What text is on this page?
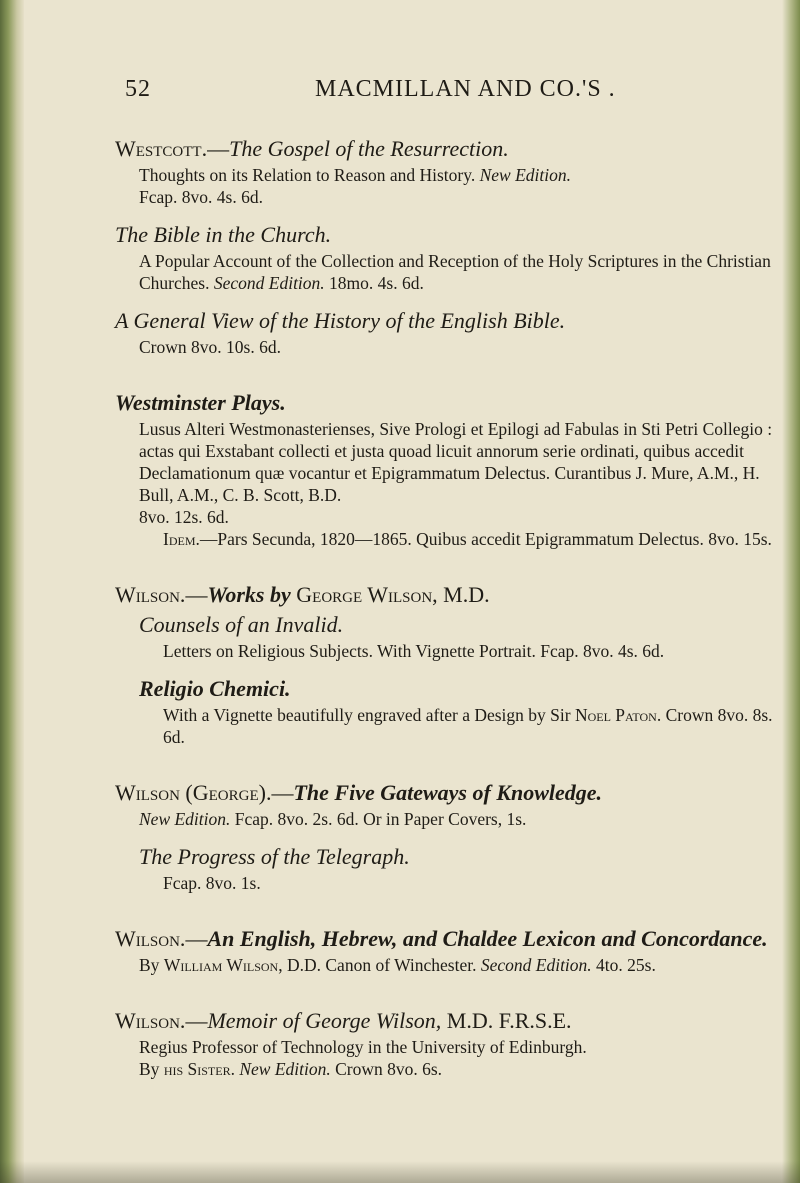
52	MACMILLAN AND CO.'S .
Westcott.—The Gospel of the Resurrection.

Thoughts on its Relation to Reason and History. New Edition.

Fcap. 8vo. 4s. 6d.

The Bible in the Church.

A Popular Account of the Collection and Reception of the Holy Scriptures in the Christian Churches. Second Edition. 18mo. 4s. 6d.

A General View of the History of the English Bible.

Crown 8vo. 10s. 6d.

Westminster Plays.

Lusus Alteri Westmonasterienses, Sive Prologi et Epilogi ad Fabulas in Sti Petri Collegio : actas qui Exstabant collecti et justa quoad licuit annorum serie ordinati, quibus accedit Declamationum quæ vocantur et Epigrammatum Delectus. Curantibus J. Mure, A.M., H. Bull, A.M., C. B. Scott, B.D.

8vo. 12s. 6d.

Idem.—Pars Secunda, 1820—1865. Quibus accedit Epigrammatum Delectus. 8vo. 15s.

Wilson.—Works by George Wilson, M.D.
Counsels of an Invalid.

Letters on Religious Subjects. With Vignette Portrait. Fcap. 8vo. 4s. 6d.

Religio Chemici.

With a Vignette beautifully engraved after a Design by Sir Noel Paton. Crown 8vo. 8s. 6d.

Wilson (George).—The Five Gateways of Knowledge.

New Edition. Fcap. 8vo. 2s. 6d. Or in Paper Covers, 1s.

The Progress of the Telegraph.

Fcap. 8vo. 1s.

Wilson.—An English, Hebrew, and Chaldee Lexicon and Concordance.

By William Wilson, D.D. Canon of Winchester. Second Edition. 4to. 25s.

Wilson.—Memoir of George Wilson, M.D. F.R.S.E.

Regius Professor of Technology in the University of Edinburgh.

By his Sister. New Edition. Crown 8vo. 6s.
